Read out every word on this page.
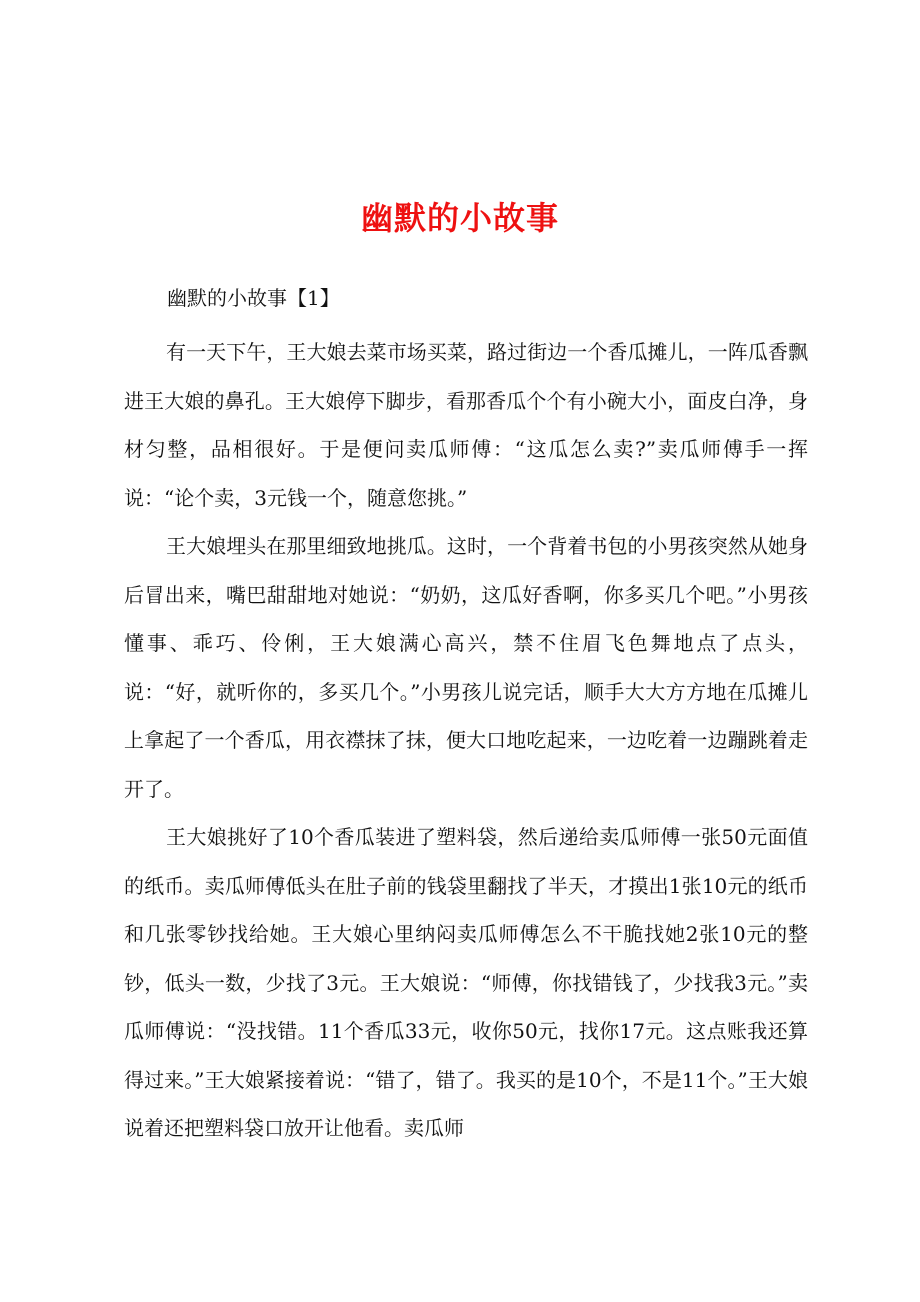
幽默的小故事
幽默的小故事【1】

有一天下午，王大娘去菜市场买菜，路过街边一个香瓜摊儿，一阵瓜香飘进王大娘的鼻孔。王大娘停下脚步，看那香瓜个个有小碗大小，面皮白净，身材匀整，品相很好。于是便问卖瓜师傅：“这瓜怎么卖?”卖瓜师傅手一挥说：“论个卖，3元钱一个，随意您挑。”

王大娘埋头在那里细致地挑瓜。这时，一个背着书包的小男孩突然从她身后冒出来，嘴巴甜甜地对她说：“奶奶，这瓜好香啊，你多买几个吧。”小男孩懂事、乖巧、伶俐，王大娘满心高兴，禁不住眉飞色舞地点了点头，说：“好，就听你的，多买几个。”小男孩儿说完话，顺手大大方方地在瓜摊儿上拿起了一个香瓜，用衣襟抹了抹，便大口地吃起来，一边吃着一边蹦跳着走开了。

王大娘挑好了10个香瓜装进了塑料袋，然后递给卖瓜师傅一张50元面值的纸币。卖瓜师傅低头在肚子前的钱袋里翻找了半天，才摸出1张10元的纸币和几张零钞找给她。王大娘心里纳闷卖瓜师傅怎么不干脆找她2张10元的整钞，低头一数，少找了3元。王大娘说：“师傅，你找错钱了，少找我3元。”卖瓜师傅说：“没找错。11个香瓜33元，收你50元，找你17元。这点账我还算得过来。”王大娘紧接着说：“错了，错了。我买的是10个，不是11个。”王大娘说着还把塑料袋口放开让他看。卖瓜师
